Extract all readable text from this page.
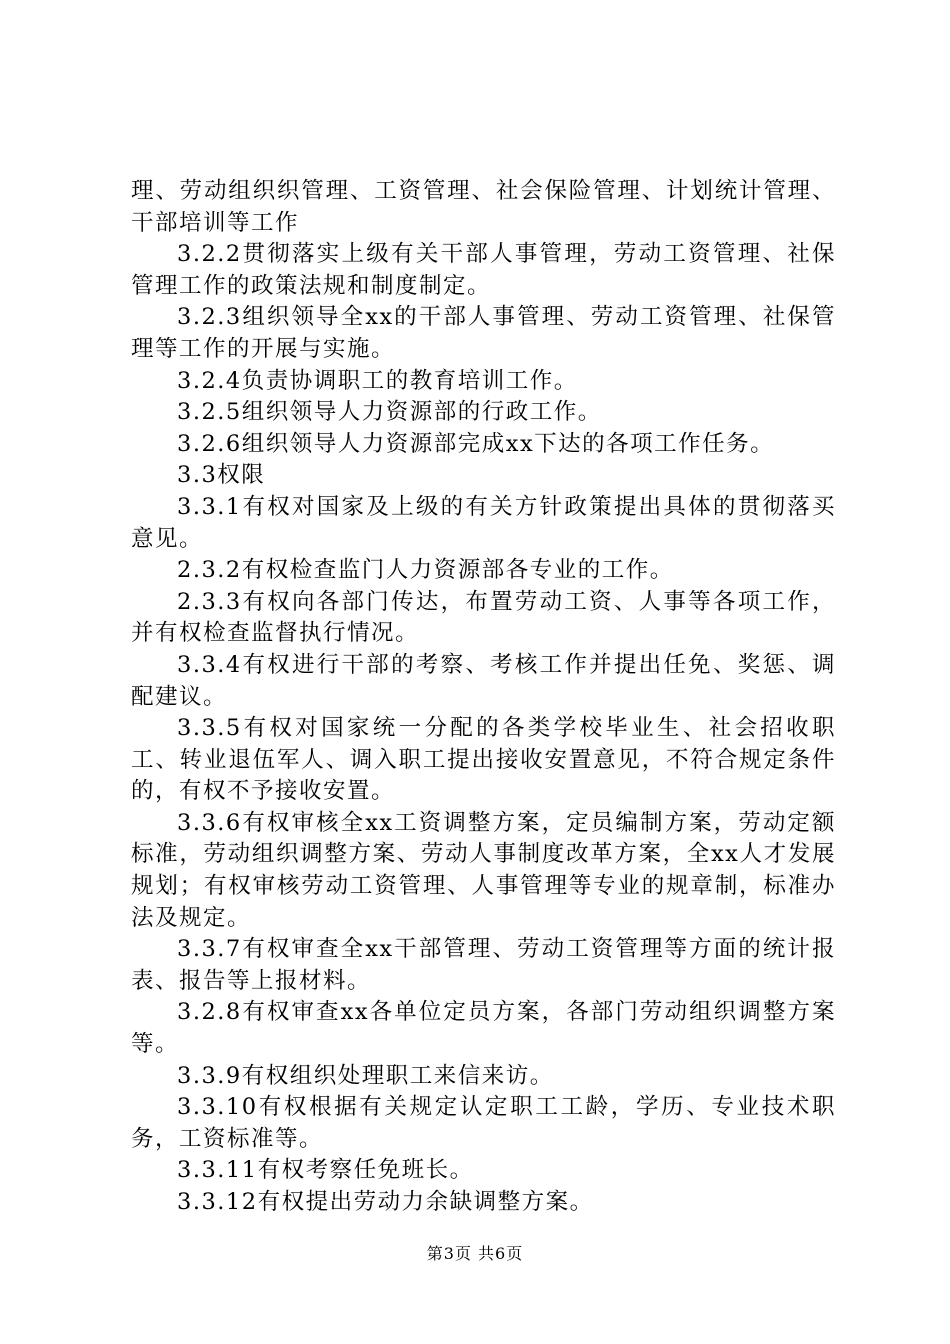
理、劳动组织织管理、工资管理、社会保险管理、计划统计管理、干部培训等工作

3.2.2贯彻落实上级有关干部人事管理，劳动工资管理、社保管理工作的政策法规和制度制定。

3.2.3组织领导全xx的干部人事管理、劳动工资管理、社保管理等工作的开展与实施。

3.2.4负责协调职工的教育培训工作。

3.2.5组织领导人力资源部的行政工作。

3.2.6组织领导人力资源部完成xx下达的各项工作任务。

3.3权限

3.3.1有权对国家及上级的有关方针政策提出具体的贯彻落买意见。

2.3.2有权检查监门人力资源部各专业的工作。

2.3.3有权向各部门传达，布置劳动工资、人事等各项工作，并有权检查监督执行情况。

3.3.4有权进行干部的考察、考核工作并提出任免、奖惩、调配建议。

3.3.5有权对国家统一分配的各类学校毕业生、社会招收职工、转业退伍军人、调入职工提出接收安置意见，不符合规定条件的，有权不予接收安置。

3.3.6有权审核全xx工资调整方案，定员编制方案，劳动定额标准，劳动组织调整方案、劳动人事制度改革方案，全xx人才发展规划；有权审核劳动工资管理、人事管理等专业的规章制，标准办法及规定。

3.3.7有权审查全xx干部管理、劳动工资管理等方面的统计报表、报告等上报材料。

3.2.8有权审查xx各单位定员方案，各部门劳动组织调整方案等。

3.3.9有权组织处理职工来信来访。

3.3.10有权根据有关规定认定职工工龄，学历、专业技术职务，工资标准等。

3.3.11有权考察任免班长。

3.3.12有权提出劳动力余缺调整方案。

第3页 共6页
